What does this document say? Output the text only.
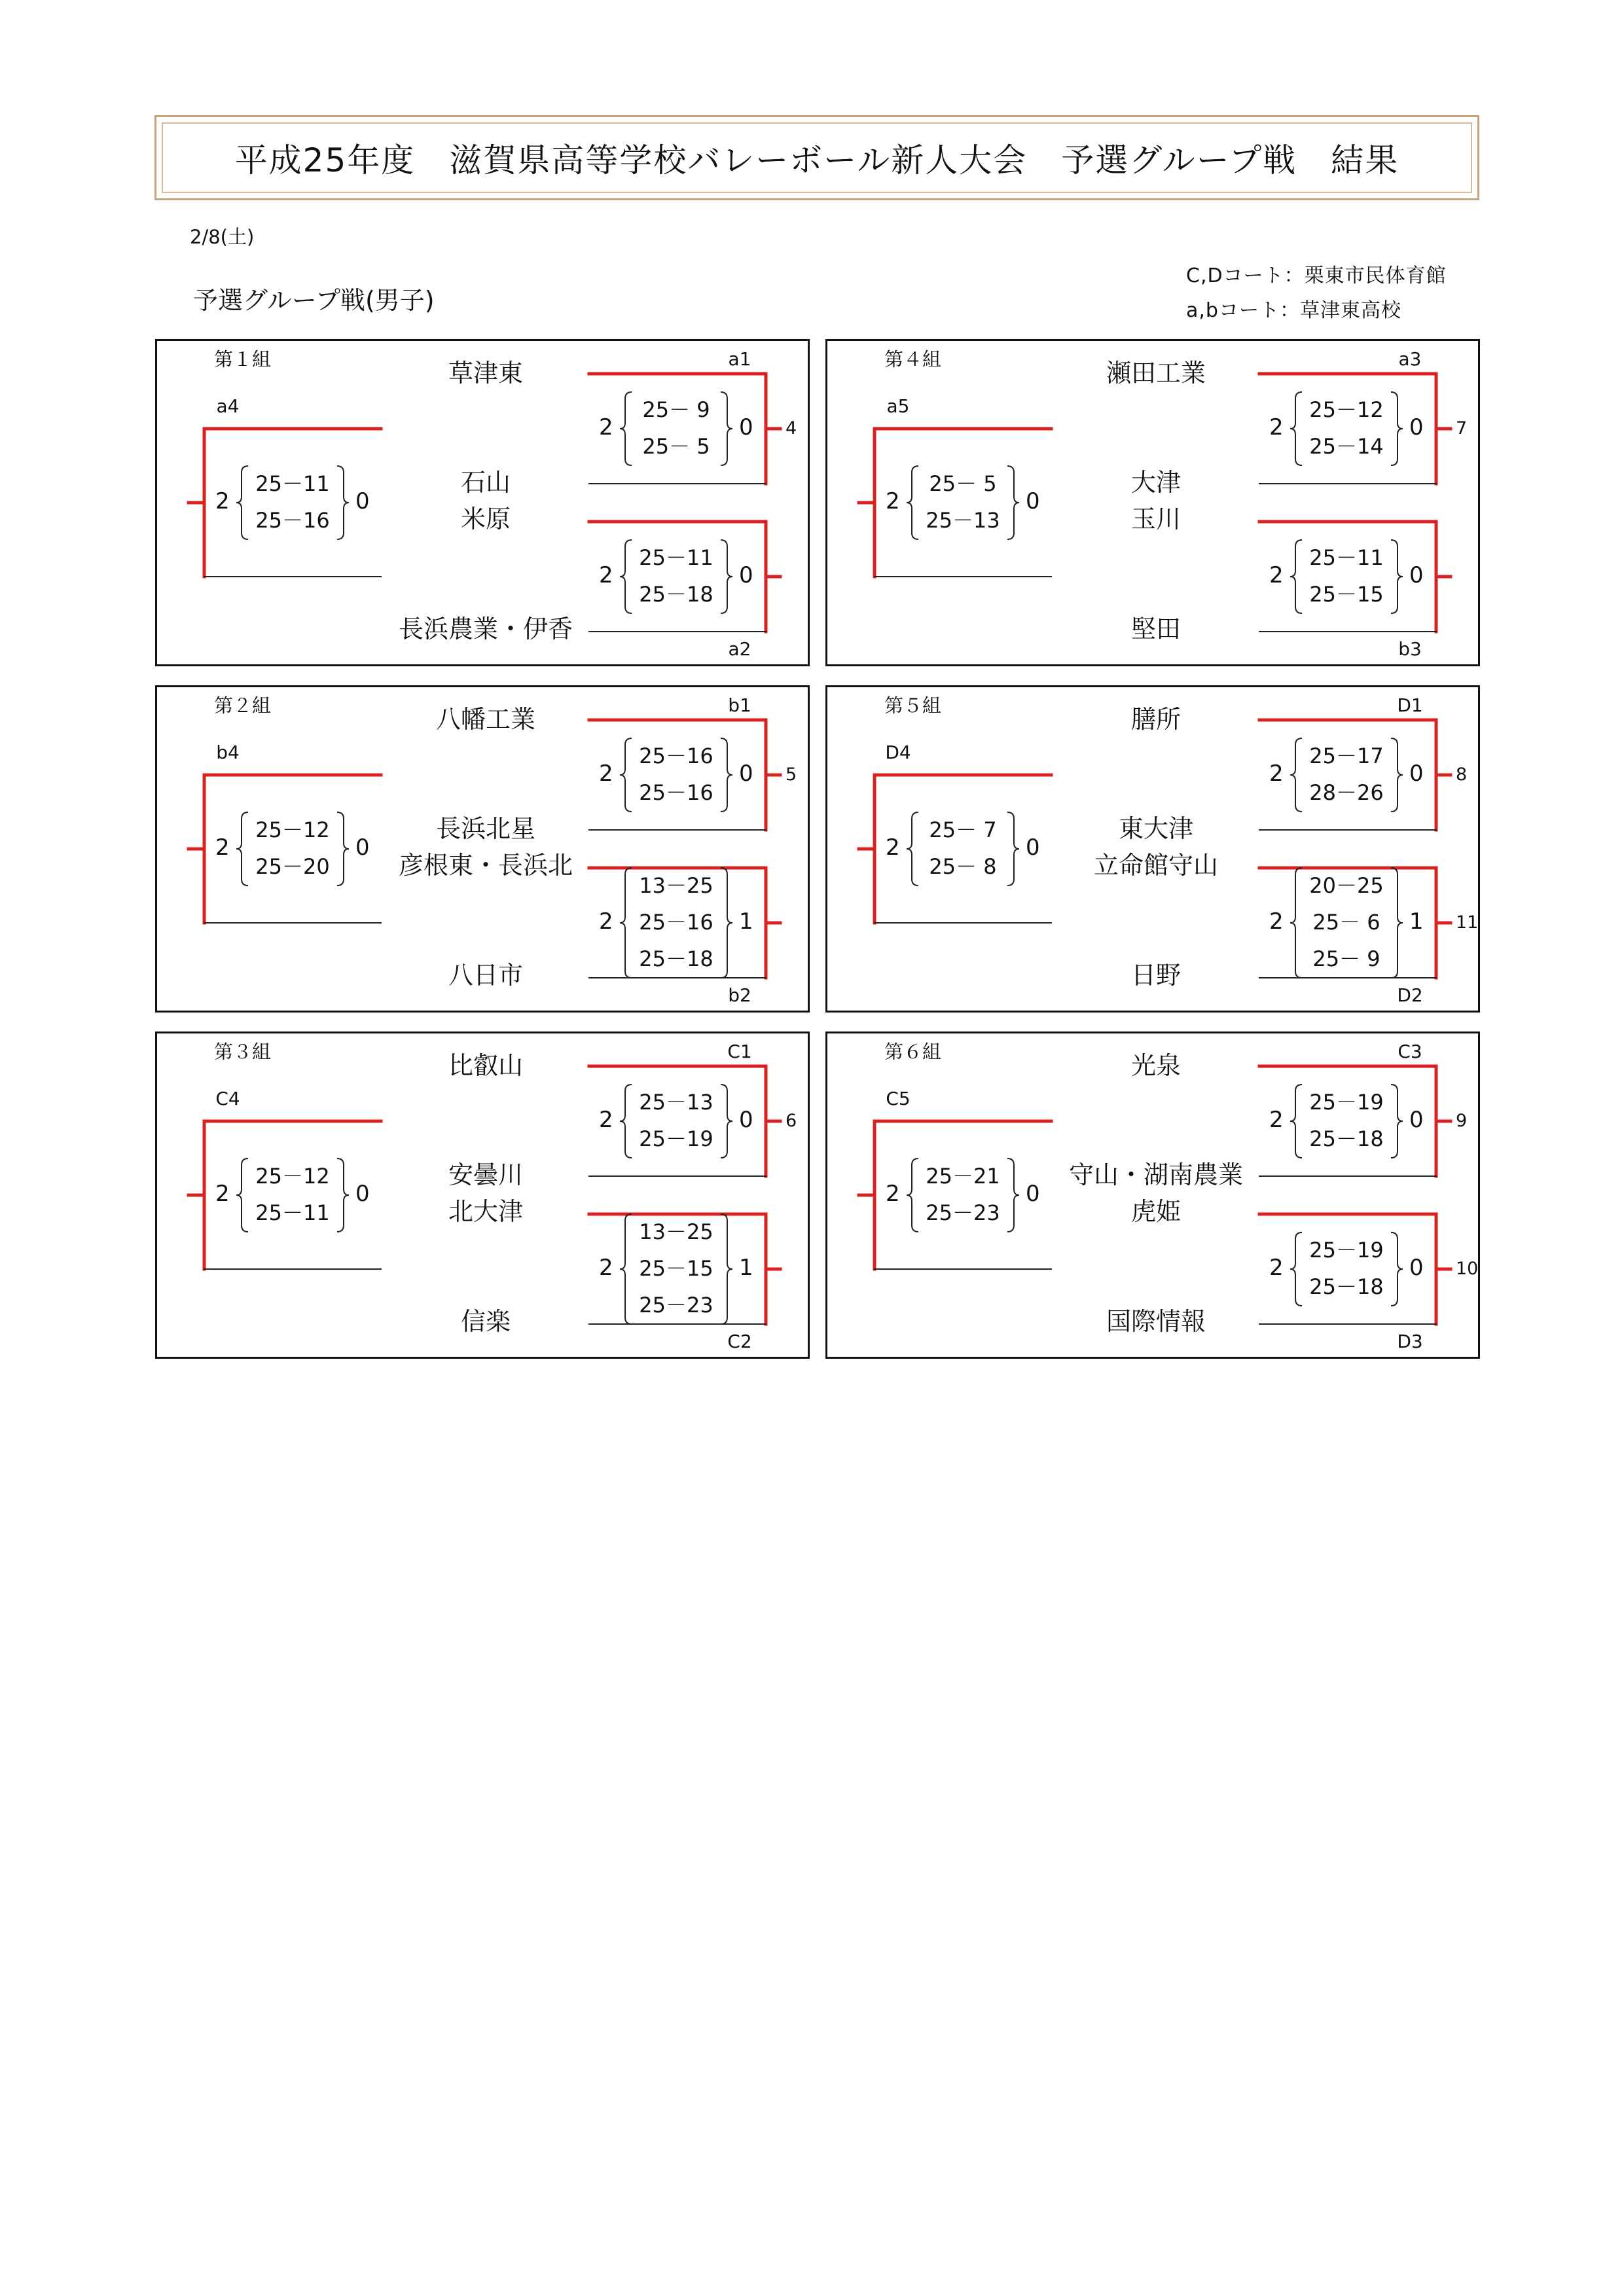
平成25年度　滋賀県高等学校バレーボール新人大会　予選グループ戦　結果
2/8(土)
予選グループ戦(男子)
C,Dコート：栗東市民体育館
a,bコート：草津東高校
第１組	a1
a4
a2
草津東
石山
米原
長浜農業・伊香
25－11
25－16
2	0
25－ 9
25－ 5
2	0
25－11
25－18
2	0
4
第４組	a3
a5
b3
瀬田工業
大津
玉川
堅田
25－ 5
25－13
2	0
25－12
25－14
2	0
25－11
25－15
2	0
7
第２組	b1
b4
b2
八幡工業
長浜北星
彦根東・長浜北
八日市
25－12
25－20
2	0
25－16
25－16
2	0
13－25
25－16
25－18
2	1
5
第５組	D1
D4
D2
膳所
東大津
立命館守山
日野
25－ 7
25－ 8
2	0
25－17
28－26
2	0
20－25
25－ 6
25－ 9
2	1
8
11
第３組	C1
C4
C2
比叡山
安曇川
北大津
信楽
25－12
25－11
2	0
25－13
25－19
2	0
13－25
25－15
25－23
2	1
6
第６組	C3
C5
D3
光泉
守山・湖南農業
虎姫
国際情報
25－21
25－23
2	0
25－19
25－18
2	0
25－19
25－18
2	0
9
10
